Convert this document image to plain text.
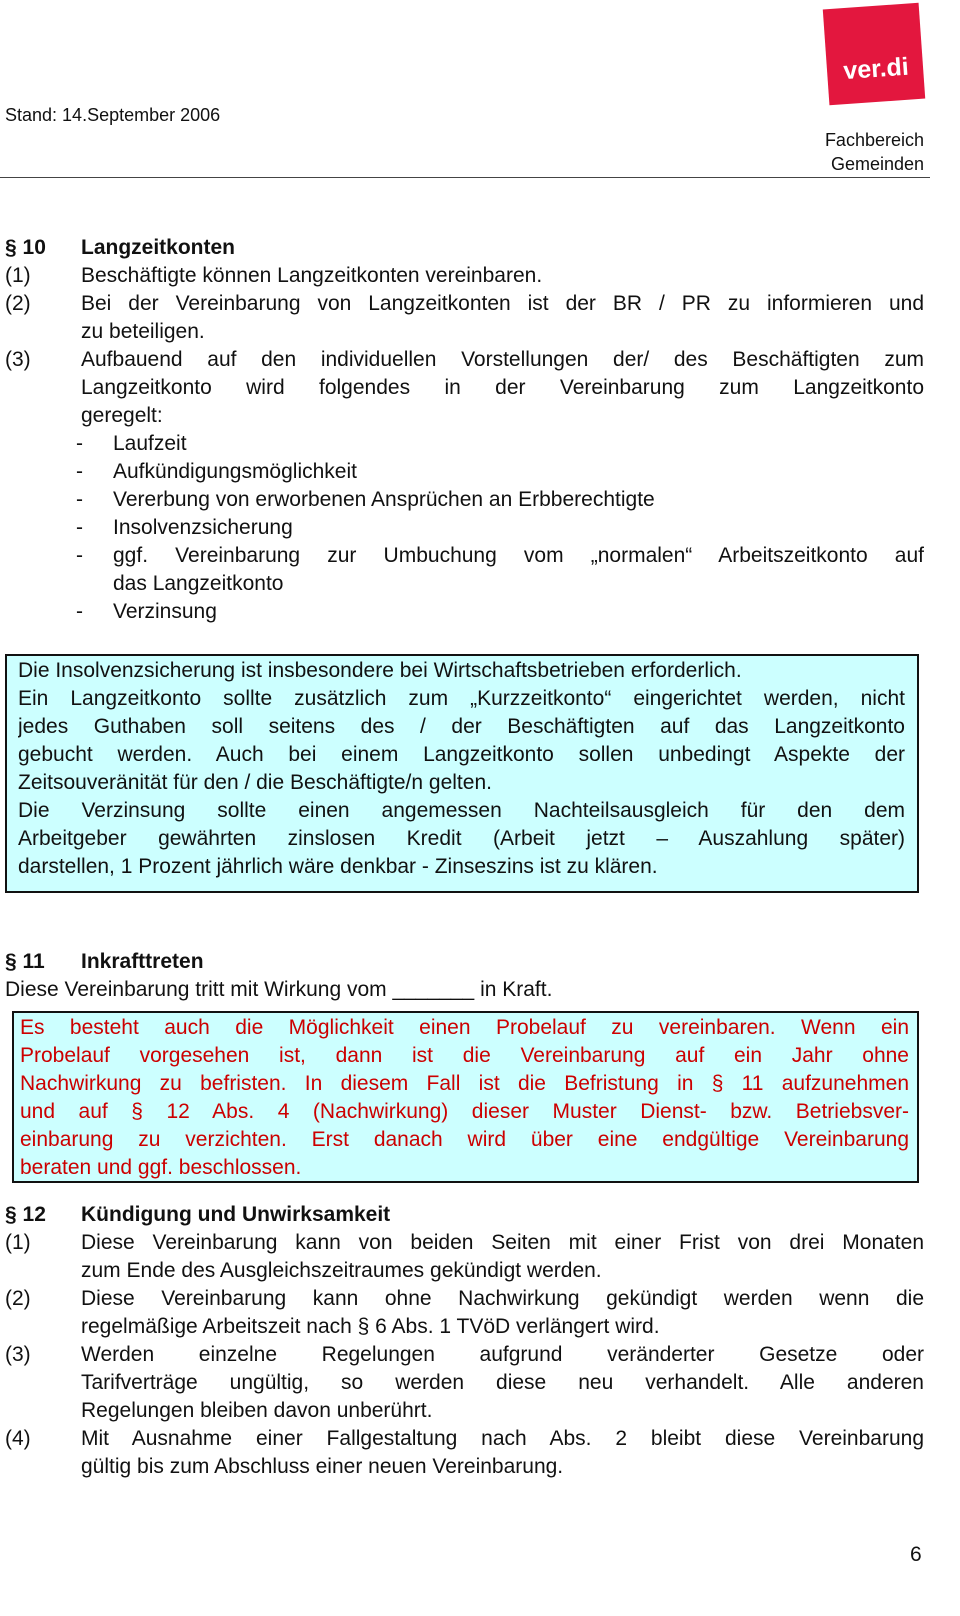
Stand: 14.September 2006
ver.di
Fachbereich
Gemeinden
§ 10 Langzeitkonten
(1) Beschäftigte können Langzeitkonten vereinbaren.
(2) Bei der Vereinbarung von Langzeitkonten ist der BR / PR zu informieren und
zu beteiligen.
(3) Aufbauend auf den individuellen Vorstellungen der/ des Beschäftigten zum
Langzeitkonto wird folgendes in der Vereinbarung zum Langzeitkonto
geregelt:
- Laufzeit
- Aufkündigungsmöglichkeit
- Vererbung von erworbenen Ansprüchen an Erbberechtigte
- Insolvenzsicherung
- ggf. Vereinbarung zur Umbuchung vom „normalen“ Arbeitszeitkonto auf
das Langzeitkonto
- Verzinsung
Die Insolvenzsicherung ist insbesondere bei Wirtschaftsbetrieben erforderlich.
Ein Langzeitkonto sollte zusätzlich zum „Kurzzeitkonto“ eingerichtet werden, nicht
jedes Guthaben soll seitens des / der Beschäftigten auf das Langzeitkonto
gebucht werden. Auch bei einem Langzeitkonto sollen unbedingt Aspekte der
Zeitsouveränität für den / die Beschäftigte/n gelten.
Die Verzinsung sollte einen angemessen Nachteilsausgleich für den dem
Arbeitgeber gewährten zinslosen Kredit (Arbeit jetzt – Auszahlung später)
darstellen, 1 Prozent jährlich wäre denkbar - Zinseszins ist zu klären.
§ 11 Inkrafttreten
Diese Vereinbarung tritt mit Wirkung vom _______ in Kraft.
Es besteht auch die Möglichkeit einen Probelauf zu vereinbaren. Wenn ein
Probelauf vorgesehen ist, dann ist die Vereinbarung auf ein Jahr ohne
Nachwirkung zu befristen. In diesem Fall ist die Befristung in § 11 aufzunehmen
und auf § 12 Abs. 4 (Nachwirkung) dieser Muster Dienst- bzw. Betriebsver-
einbarung zu verzichten. Erst danach wird über eine endgültige Vereinbarung
beraten und ggf. beschlossen.
§ 12 Kündigung und Unwirksamkeit
(1) Diese Vereinbarung kann von beiden Seiten mit einer Frist von drei Monaten
zum Ende des Ausgleichszeitraumes gekündigt werden.
(2) Diese Vereinbarung kann ohne Nachwirkung gekündigt werden wenn die
regelmäßige Arbeitszeit nach § 6 Abs. 1 TVöD verlängert wird.
(3) Werden einzelne Regelungen aufgrund veränderter Gesetze oder
Tarifverträge ungültig, so werden diese neu verhandelt. Alle anderen
Regelungen bleiben davon unberührt.
(4) Mit Ausnahme einer Fallgestaltung nach Abs. 2 bleibt diese Vereinbarung
gültig bis zum Abschluss einer neuen Vereinbarung.
6
